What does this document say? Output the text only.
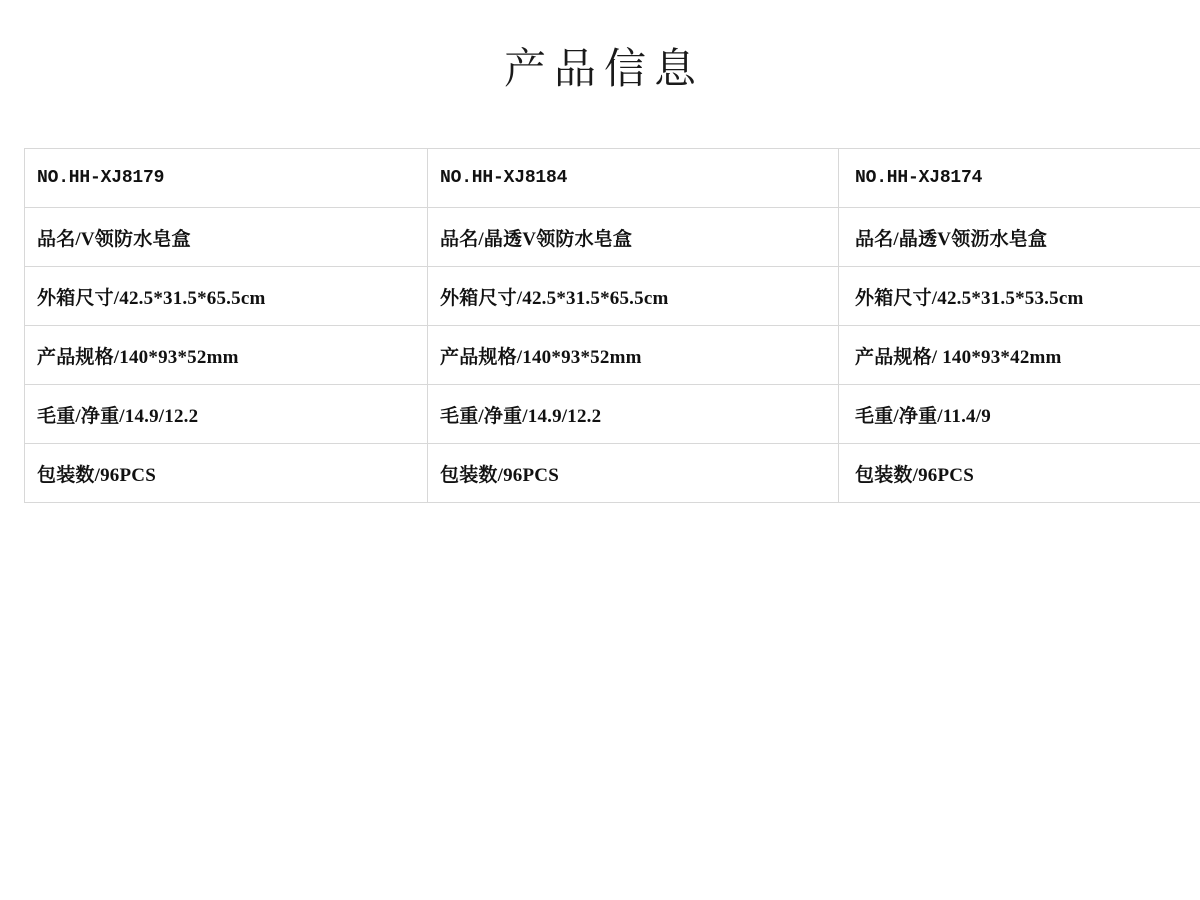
产品信息
NO.HH-XJ8179	NO.HH-XJ8184	NO.HH-XJ8174
品名/V领防水皂盒	品名/晶透V领防水皂盒	品名/晶透V领沥水皂盒
外箱尺寸/42.5*31.5*65.5cm	外箱尺寸/42.5*31.5*65.5cm	外箱尺寸/42.5*31.5*53.5cm
产品规格/140*93*52mm	产品规格/140*93*52mm	产品规格/ 140*93*42mm
毛重/净重/14.9/12.2	毛重/净重/14.9/12.2	毛重/净重/11.4/9
包装数/96PCS	包装数/96PCS	包装数/96PCS
